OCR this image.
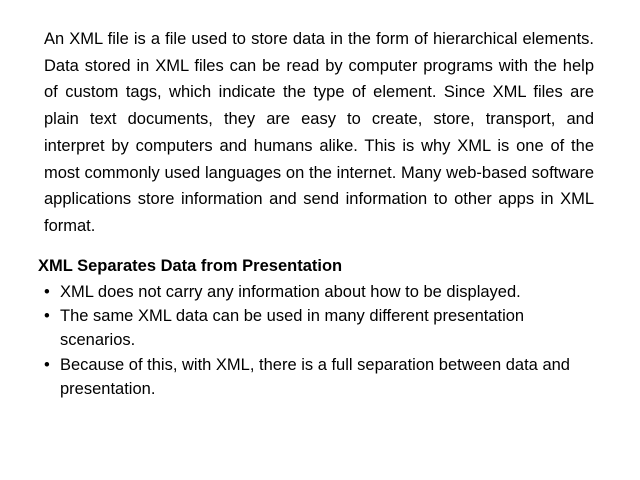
An XML file is a file used to store data in the form of hierarchical elements. Data stored in XML files can be read by computer programs with the help of custom tags, which indicate the type of element. Since XML files are plain text documents, they are easy to create, store, transport, and interpret by computers and humans alike. This is why XML is one of the most commonly used languages on the internet. Many web-based software applications store information and send information to other apps in XML format.

XML Separates Data from Presentation
• XML does not carry any information about how to be displayed.
• The same XML data can be used in many different presentation scenarios.
• Because of this, with XML, there is a full separation between data and presentation.
